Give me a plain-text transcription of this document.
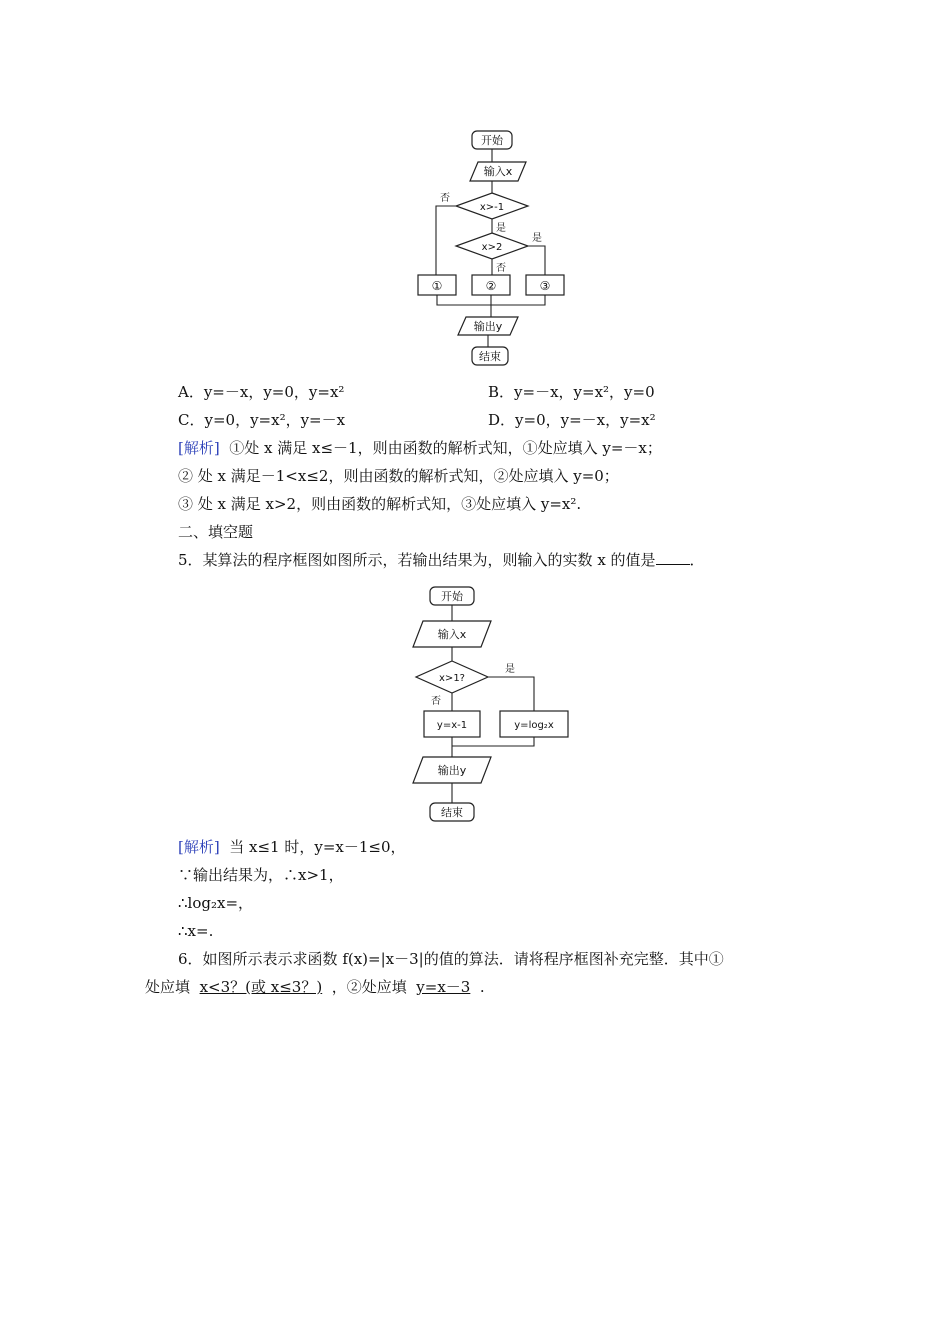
开始
输入x
x>-1
否
是
x>2
是
否
①	②	③
输出y
结束
A．y=－x，y=0，y=x²	B．y=－x，y=x²，y=0
C．y=0，y=x²，y=－x	D．y=0，y=－x，y=x²
[解析] ①处 x 满足 x≤－1，则由函数的解析式知，①处应填入 y=－x；
② 处 x 满足－1<x≤2，则由函数的解析式知，②处应填入 y=0；
③ 处 x 满足 x>2，则由函数的解析式知，③处应填入 y=x².
二、填空题
5．某算法的程序框图如图所示，若输出结果为，则输入的实数 x 的值是 ．
开始
输入x
x>1?
是
否
y=x-1	y=log₂x
输出y
结束
[解析] 当 x≤1 时，y=x－1≤0，
∵输出结果为，∴x>1，
∴log₂x=，
∴x=.
6．如图所示表示求函数 f(x)=|x－3|的值的算法．请将程序框图补充完整．其中①
处应填 x<3？(或 x≤3？) ，②处应填 y=x－3 .
